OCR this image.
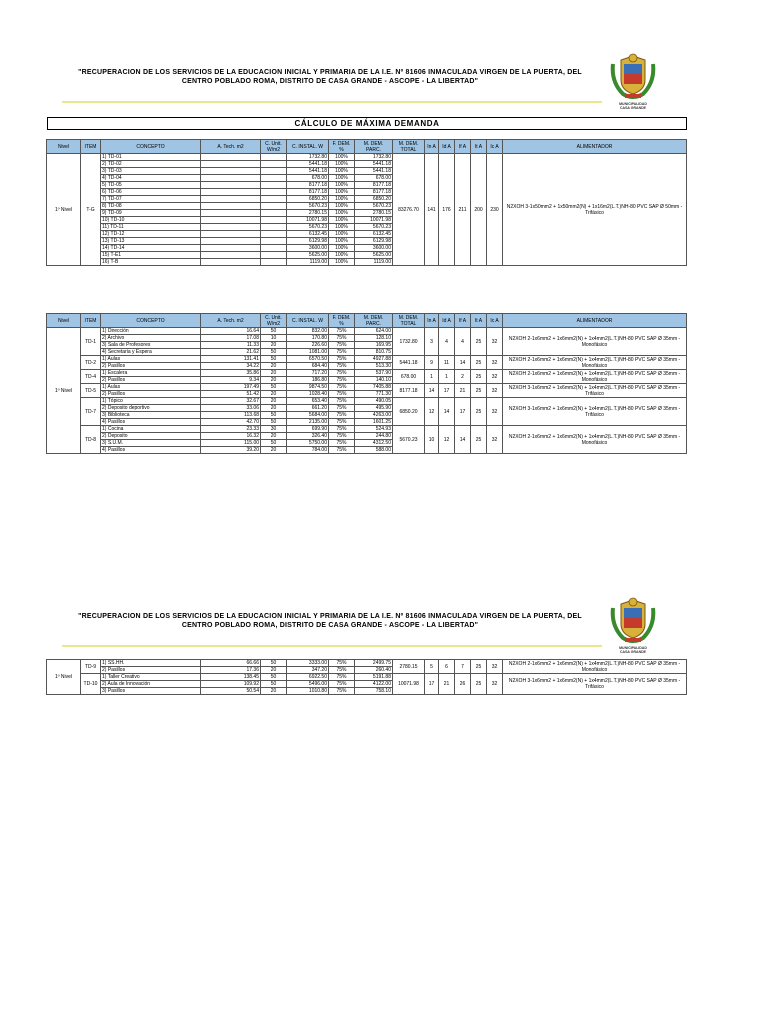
"RECUPERACION DE LOS SERVICIOS DE LA EDUCACION INICIAL Y PRIMARIA DE LA I.E. Nº 81606 INMACULADA VIRGEN DE LA PUERTA, DEL
CENTRO POBLADO ROMA, DISTRITO DE CASA GRANDE - ASCOPE - LA LIBERTAD"
MUNICIPALIDAD
CASA GRANDE
CÁLCULO DE MÁXIMA DEMANDA
Nivel	ITEM	CONCEPTO	A. Tech. m2	C. Unit. W/m2	C. INSTAL. W	F. DEM. %	M. DEM. PARC.	M. DEM. TOTAL	In A	Id A	If A	It A	Ic A	ALIMENTADOR
1º Nivel	T-G	1) TD-01			1732.80	100%	1732.80	83276.70	141	176	211	200	230	N2XOH 3-1x50mm2 + 1x50mm2(N) + 1x16m2(L.T.)NH-80 PVC SAP Ø 50mm - Trifásico
		2) TD-02			5441.18	100%	5441.18							
		3) TD-03			5441.18	100%	5441.18							
		4) TD-04			678.00	100%	678.00							
		5) TD-05			8177.18	100%	8177.18							
		6) TD-06			8177.18	100%	8177.18							
		7) TD-07			6850.20	100%	6850.20							
		8) TD-08			5670.23	100%	5670.23							
		9) TD-09			2780.15	100%	2780.15							
		10) TD-10			10071.98	100%	10071.98							
		11) TD-11			5670.23	100%	5670.23							
		12) TD-12			6132.45	100%	6132.45							
		13) TD-13			6129.98	100%	6129.98							
		14) TD-14			3600.00	100%	3600.00							
		15) T-E1			5625.00	100%	5625.00							
		16) T-B			1119.00	100%	1119.00							
Nivel	ITEM	CONCEPTO	A. Tech. m2	C. Unit. W/m2	C. INSTAL. W	F. DEM. %	M. DEM. PARC.	M. DEM. TOTAL	In A	Id A	If A	It A	Ic A	ALIMENTADOR
1º Nivel	TD-1	1) Dirección	16.64	50	832.00	75%	624.00	1732.80	3	4	4	25	32	N2XOH 2-1x6mm2 + 1x6mm2(N) + 1x4mm2(L.T.)NH-80 PVC SAP Ø 35mm - Monofásico
		2) Archivo	17.08	10	170.80	75%	128.10							
		3) Sala de Profesores	11.33	20	226.60	75%	169.95							
		4) Secretaria y Espera	21.62	50	1081.00	75%	810.75							
	TD-2	1) Aulas	131.41	50	6570.50	75%	4927.88	5441.18	9	11	14	25	32	N2XOH 2-1x6mm2 + 1x6mm2(N) + 1x4mm2(L.T.)NH-80 PVC SAP Ø 35mm - Monofásico
		2) Pasillos	34.22	20	684.40	75%	513.30							
	TD-4	1) Escalera	35.86	20	717.20	75%	537.90	678.00	1	1	2	25	32	N2XOH 2-1x6mm2 + 1x6mm2(N) + 1x4mm2(L.T.)NH-80 PVC SAP Ø 35mm - Monofásico
		2) Pasillos	9.34	20	186.80	75%	140.10							
	TD-5	1) Aulas	197.49	50	9874.50	75%	7405.88	8177.18	14	17	21	25	32	N2XOH 3-1x6mm2 + 1x6mm2(N) + 1x4mm2(L.T.)NH-80 PVC SAP Ø 35mm - Trifásico
		2) Pasillos	51.42	20	1028.40	75%	771.30							
	TD-7	1) Tópico	32.67	20	653.40	75%	490.05	6850.20	12	14	17	25	32	N2XOH 3-1x6mm2 + 1x6mm2(N) + 1x4mm2(L.T.)NH-80 PVC SAP Ø 35mm - Trifásico
		2) Deposito deportivo	33.06	20	661.20	75%	495.90							
		3) Biblioteca	113.68	50	5684.00	75%	4263.00							
		4) Pasillos	42.70	50	2135.00	75%	1601.25							
	TD-8	1) Cocina	23.33	30	699.90	75%	524.93	5670.23	10	12	14	25	32	N2XOH 2-1x6mm2 + 1x6mm2(N) + 1x4mm2(L.T.)NH-80 PVC SAP Ø 35mm - Monofásico
		2) Deposito	16.32	20	326.40	75%	244.80							
		3) S.U.M.	115.00	50	5750.00	75%	4312.50							
		4) Pasillos	39.20	20	784.00	75%	588.00							
"RECUPERACION DE LOS SERVICIOS DE LA EDUCACION INICIAL Y PRIMARIA DE LA I.E. Nº 81606 INMACULADA VIRGEN DE LA PUERTA, DEL
CENTRO POBLADO ROMA, DISTRITO DE CASA GRANDE - ASCOPE - LA LIBERTAD"
MUNICIPALIDAD
CASA GRANDE
1º Nivel	TD-9	1) SS.HH.	66.66	50	3333.00	75%	2499.75	2780.15	5	6	7	25	32	N2XOH 2-1x6mm2 + 1x6mm2(N) + 1x4mm2(L.T.)NH-80 PVC SAP Ø 35mm - Monofásico
		2) Pasillos	17.36	20	347.20	75%	260.40							
	TD-10	1) Taller Creativo	138.45	50	6922.50	75%	5191.88	10071.98	17	21	26	25	32	N2XOH 3-1x6mm2 + 1x6mm2(N) + 1x4mm2(L.T.)NH-80 PVC SAP Ø 35mm - Trifásico
		2) Aula de Innovación	109.92	50	5496.00	75%	4122.00							
		3) Pasillos	50.54	20	1010.80	75%	758.10							
